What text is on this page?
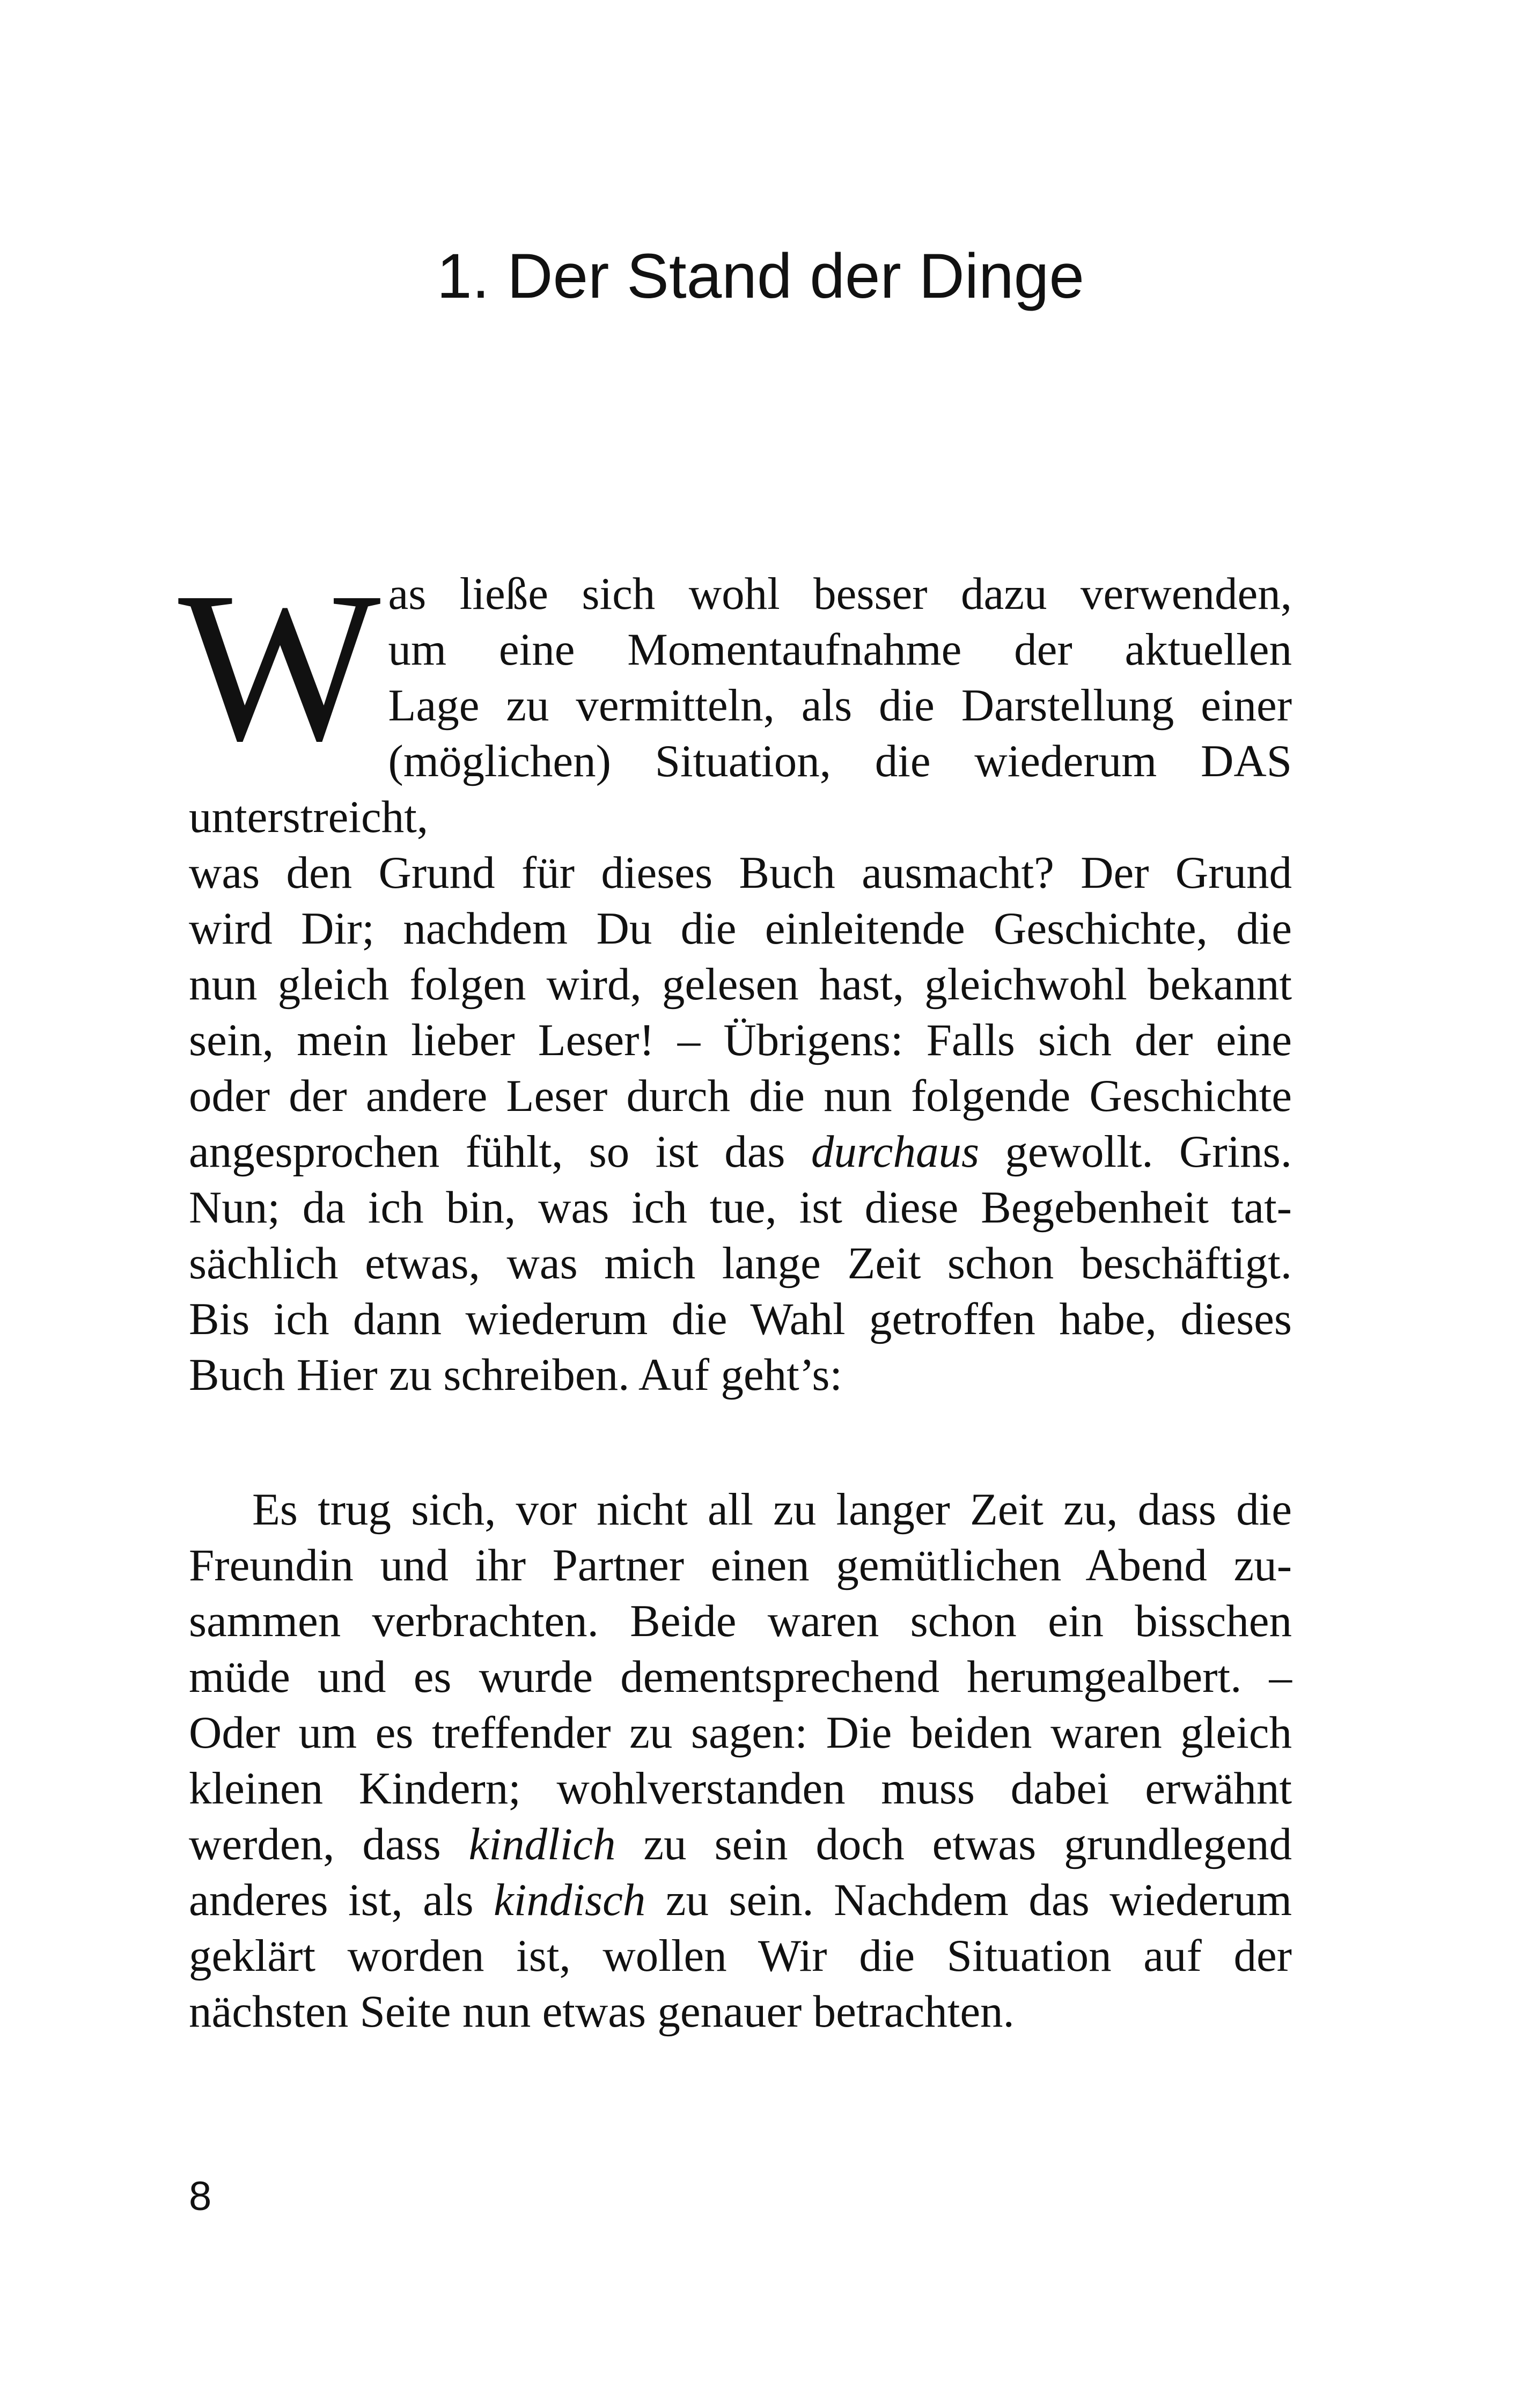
1. Der Stand der Dinge
W as ließe sich wohl besser dazu verwenden,
um eine Momentaufnahme der aktuellen
Lage zu vermitteln, als die Darstellung einer
(möglichen) Situation, die wiederum DAS unterstreicht,
was den Grund für dieses Buch ausmacht? Der Grund
wird Dir; nachdem Du die einleitende Geschichte, die
nun gleich folgen wird, gelesen hast, gleichwohl bekannt
sein, mein lieber Leser! – Übrigens: Falls sich der eine
oder der andere Leser durch die nun folgende Geschichte
angesprochen fühlt, so ist das durchaus gewollt. Grins.
Nun; da ich bin, was ich tue, ist diese Begebenheit tat-
sächlich etwas, was mich lange Zeit schon beschäftigt.
Bis ich dann wiederum die Wahl getroffen habe, dieses
Buch Hier zu schreiben. Auf geht’s:
Es trug sich, vor nicht all zu langer Zeit zu, dass die
Freundin und ihr Partner einen gemütlichen Abend zu-
sammen verbrachten. Beide waren schon ein bisschen
müde und es wurde dementsprechend herumgealbert. –
Oder um es treffender zu sagen: Die beiden waren gleich
kleinen Kindern; wohlverstanden muss dabei erwähnt
werden, dass kindlich zu sein doch etwas grundlegend
anderes ist, als kindisch zu sein. Nachdem das wiederum
geklärt worden ist, wollen Wir die Situation auf der
nächsten Seite nun etwas genauer betrachten.
8
